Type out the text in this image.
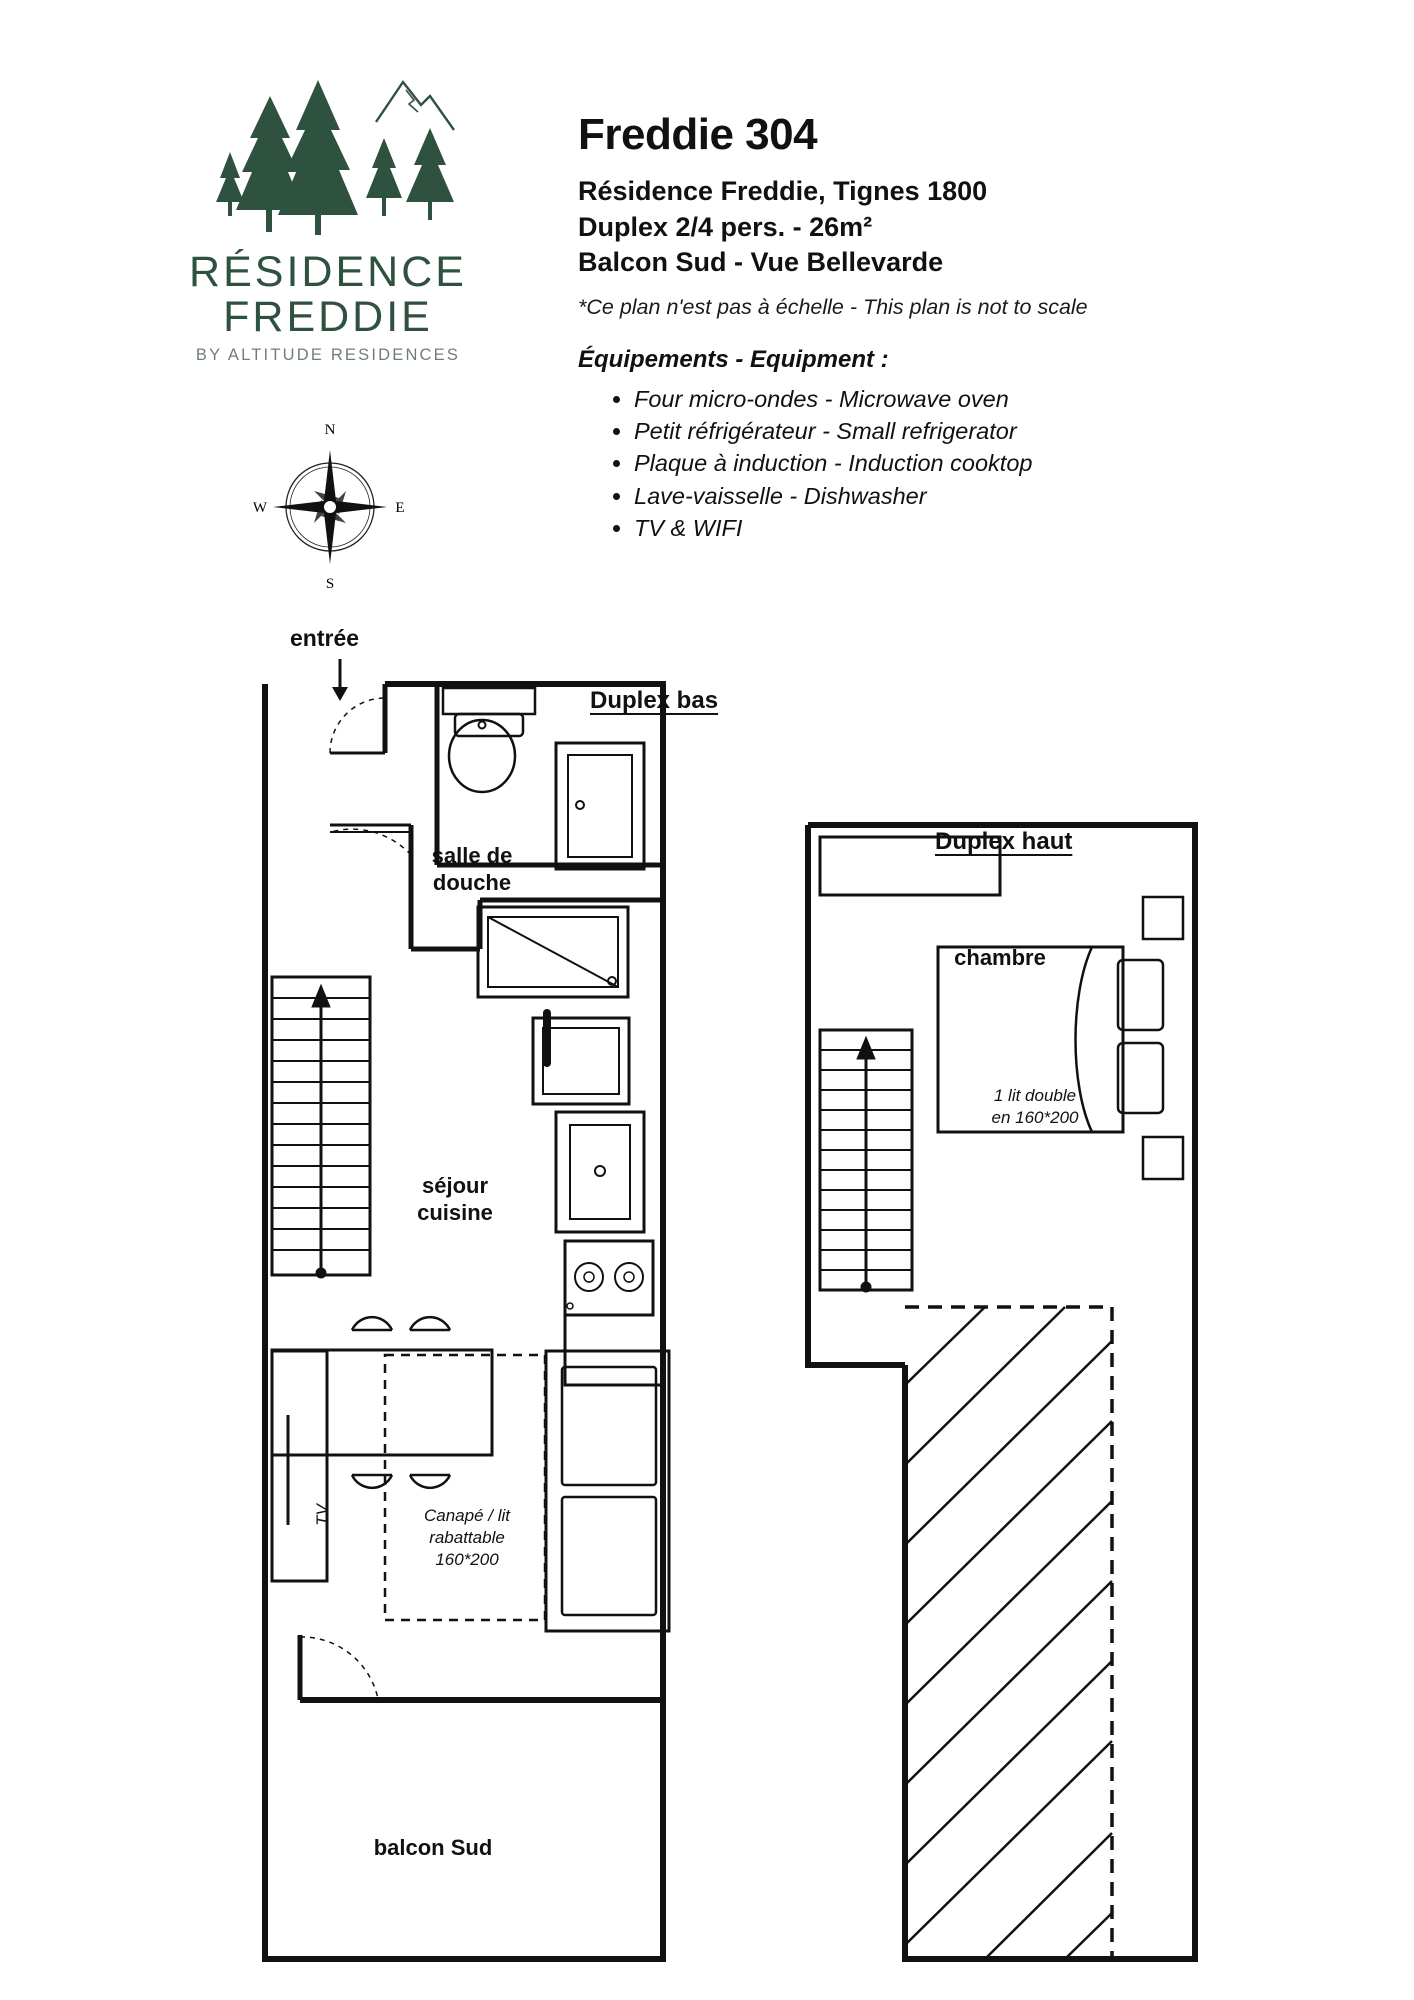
RÉSIDENCE
FREDDIE
BY ALTITUDE RESIDENCES
N
S
E
W
Freddie 304
Résidence Freddie, Tignes 1800
Duplex 2/4 pers. - 26m²
Balcon Sud - Vue Bellevarde
*Ce plan n'est pas à échelle - This plan is not to scale
Équipements - Equipment :
• Four micro-ondes - Microwave oven
• Petit réfrigérateur - Small refrigerator
• Plaque à induction - Induction cooktop
• Lave-vaisselle - Dishwasher
• TV & WIFI
entrée
Duplex bas
Duplex haut
salle de
douche
séjour
cuisine
balcon Sud
chambre
1 lit double
en 160*200
Canapé / lit
rabattable
160*200
TV
